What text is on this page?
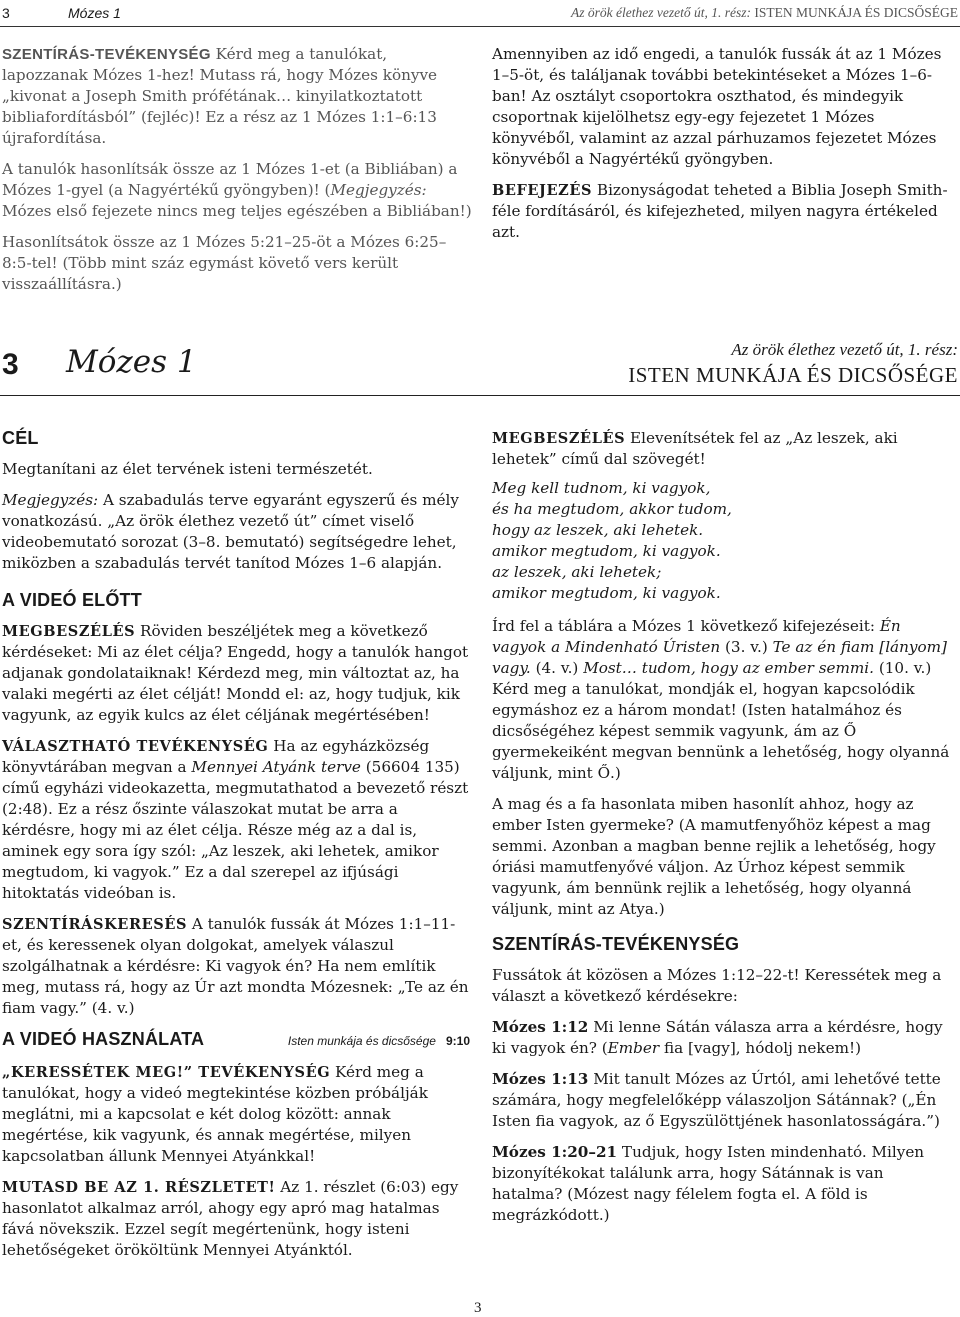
3	Mózes 1	Az örök élethez vezető út, 1. rész: ISTEN MUNKÁJA ÉS DICSŐSÉGE

SZENTÍRÁS-TEVÉKENYSÉG Kérd meg a tanulókat, lapozzanak Mózes 1-hez! Mutass rá, hogy Mózes könyve „kivonat a Joseph Smith prófétának… kinyilatkoztatott bibliafordításból” (fejléc)! Ez a rész az 1 Mózes 1:1–6:13 újrafordítása.

A tanulók hasonlítsák össze az 1 Mózes 1-et (a Bibliában) a Mózes 1-gyel (a Nagyértékű gyöngyben)! (Megjegyzés: Mózes első fejezete nincs meg teljes egészében a Bibliában!)

Hasonlítsátok össze az 1 Mózes 5:21–25-öt a Mózes 6:25–8:5-tel! (Több mint száz egymást követő vers került visszaállításra.)

Amennyiben az idő engedi, a tanulók fussák át az 1 Mózes 1–5-öt, és találjanak további betekintéseket a Mózes 1–6-ban! Az osztályt csoportokra oszthatod, és mindegyik csoportnak kijelölhetsz egy-egy fejezetet 1 Mózes könyvéből, valamint az azzal párhuzamos fejezetet Mózes könyvéből a Nagyértékű gyöngyben.

BEFEJEZÉS Bizonyságodat teheted a Biblia Joseph Smith-féle fordításáról, és kifejezheted, milyen nagyra értékeled azt.

3 Mózes 1	Az örök élethez vezető út, 1. rész:
ISTEN MUNKÁJA ÉS DICSŐSÉGE
CÉL

Megtanítani az élet tervének isteni természetét.

Megjegyzés: A szabadulás terve egyaránt egyszerű és mély vonatkozású. „Az örök élethez vezető út” címet viselő videobemutató sorozat (3–8. bemutató) segítségedre lehet, miközben a szabadulás tervét tanítod Mózes 1–6 alapján.

A VIDEÓ ELŐTT

MEGBESZÉLÉS Röviden beszéljétek meg a következő kérdéseket: Mi az élet célja? Engedd, hogy a tanulók hangot adjanak gondolataiknak! Kérdezd meg, min változtat az, ha valaki megérti az élet célját! Mondd el: az, hogy tudjuk, kik vagyunk, az egyik kulcs az élet céljának megértésében!

VÁLASZTHATÓ TEVÉKENYSÉG Ha az egyházközség könyvtárában megvan a Mennyei Atyánk terve (56604 135) című egyházi videokazetta, megmutathatod a bevezető részt (2:48). Ez a rész őszinte válaszokat mutat be arra a kérdésre, hogy mi az élet célja. Része még az a dal is, aminek egy sora így szól: „Az leszek, aki lehetek, amikor megtudom, ki vagyok.” Ez a dal szerepel az ifjúsági hitoktatás videóban is.

SZENTÍRÁSKERESÉS A tanulók fussák át Mózes 1:1–11-et, és keressenek olyan dolgokat, amelyek válaszul szolgálhatnak a kérdésre: Ki vagyok én? Ha nem említik meg, mutass rá, hogy az Úr azt mondta Mózesnek: „Te az én fiam vagy.” (4. v.)

A VIDEÓ HASZNÁLATA	Isten munkája és dicsősége 9:10

„KERESSÉTEK MEG!” TEVÉKENYSÉG Kérd meg a tanulókat, hogy a videó megtekintése közben próbálják meglátni, mi a kapcsolat e két dolog között: annak megértése, kik vagyunk, és annak megértése, milyen kapcsolatban állunk Mennyei Atyánkkal!

MUTASD BE AZ 1. RÉSZLETET! Az 1. részlet (6:03) egy hasonlatot alkalmaz arról, ahogy egy apró mag hatalmas fává növekszik. Ezzel segít megértenünk, hogy isteni lehetőségeket örököltünk Mennyei Atyánktól.

MEGBESZÉLÉS Elevenítsétek fel az „Az leszek, aki lehetek” című dal szövegét!

Meg kell tudnom, ki vagyok,
és ha megtudom, akkor tudom,
hogy az leszek, aki lehetek.
amikor megtudom, ki vagyok.
az leszek, aki lehetek;
amikor megtudom, ki vagyok.

Írd fel a táblára a Mózes 1 következő kifejezéseit: Én vagyok a Mindenható Úristen (3. v.) Te az én fiam [lányom] vagy. (4. v.) Most… tudom, hogy az ember semmi. (10. v.) Kérd meg a tanulókat, mondják el, hogyan kapcsolódik egymáshoz ez a három mondat! (Isten hatalmához és dicsőségéhez képest semmik vagyunk, ám az Ő gyermekeiként megvan bennünk a lehetőség, hogy olyanná váljunk, mint Ő.)

A mag és a fa hasonlata miben hasonlít ahhoz, hogy az ember Isten gyermeke? (A mamutfenyőhöz képest a mag semmi. Azonban a magban benne rejlik a lehetőség, hogy óriási mamutfenyővé váljon. Az Úrhoz képest semmik vagyunk, ám bennünk rejlik a lehetőség, hogy olyanná váljunk, mint az Atya.)

SZENTÍRÁS-TEVÉKENYSÉG

Fussátok át közösen a Mózes 1:12–22-t! Keressétek meg a választ a következő kérdésekre:

Mózes 1:12 Mi lenne Sátán válasza arra a kérdésre, hogy ki vagyok én? (Ember fia [vagy], hódolj nekem!)

Mózes 1:13 Mit tanult Mózes az Úrtól, ami lehetővé tette számára, hogy megfelelőképp válaszoljon Sátánnak? („Én Isten fia vagyok, az ő Egyszülöttjének hasonlatosságára.”)

Mózes 1:20–21 Tudjuk, hogy Isten mindenható. Milyen bizonyítékokat találunk arra, hogy Sátánnak is van hatalma? (Mózest nagy félelem fogta el. A föld is megrázkódott.)

3
